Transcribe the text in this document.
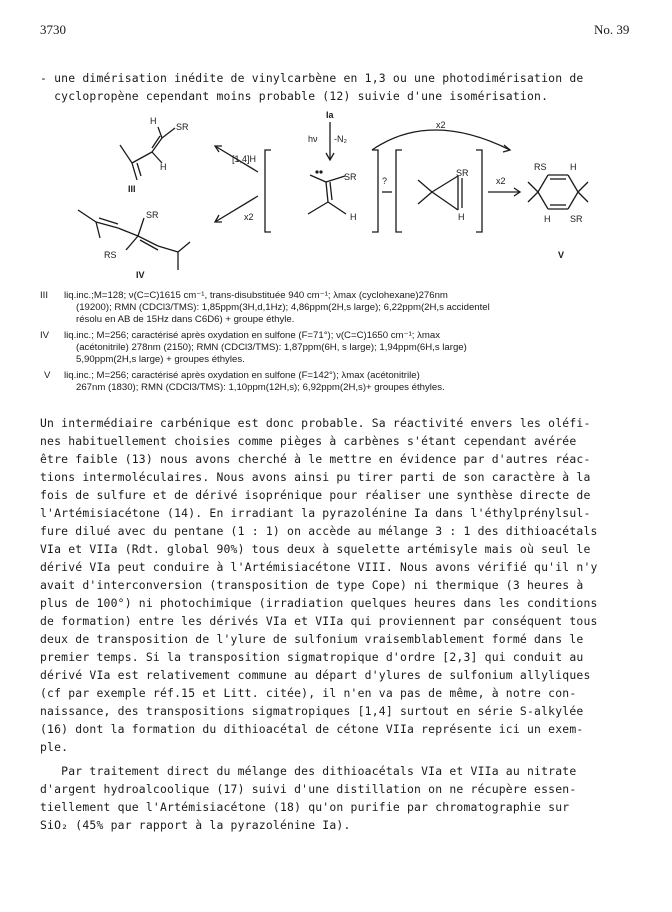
3730	No. 39
- une dimérisation inédite de vinylcarbène en 1,3 ou une photodimérisation de
cyclopropène cependant moins probable (12) suivie d'une isomérisation.
H
SR
H
III
SR
RS
IV
[1,4]H
x2
Ia
hν -N₂
SR
H
?
SR
H
x2
x2
RS	H
H SR
V
III liq.inc.;M=128; ν(C=C)1615 cm⁻¹, trans-disubstituée 940 cm⁻¹; λmax (cyclohexane)276nm
(19200); RMN (CDCl3/TMS): 1,85ppm(3H,d,1Hz); 4,86ppm(2H,s large); 6,22ppm(2H,s accidentel
résolu en AB de 15Hz dans C6D6) + groupe éthyle.
IV liq.inc.; M=256; caractérisé après oxydation en sulfone (F=71°); ν(C=C)1650 cm⁻¹; λmax
(acétonitrile) 278nm (2150); RMN (CDCl3/TMS): 1,87ppm(6H, s large); 1,94ppm(6H,s large)
5,90ppm(2H,s large) + groupes éthyles.
V liq.inc.; M=256; caractérisé après oxydation en sulfone (F=142°); λmax (acétonitrile)
267nm (1830); RMN (CDCl3/TMS): 1,10ppm(12H,s); 6,92ppm(2H,s)+ groupes éthyles.
Un intermédiaire carbénique est donc probable. Sa réactivité envers les oléfi-
nes habituellement choisies comme pièges à carbènes s'étant cependant avérée
être faible (13) nous avons cherché à le mettre en évidence par d'autres réac-
tions intermoléculaires. Nous avons ainsi pu tirer parti de son caractère à la
fois de sulfure et de dérivé isoprénique pour réaliser une synthèse directe de
l'Artémisiacétone (14). En irradiant la pyrazolénine Ia dans l'éthylprénylsul-
fure dilué avec du pentane (1 : 1) on accède au mélange 3 : 1 des dithioacétals
VIa et VIIa (Rdt. global 90%) tous deux à squelette artémisyle mais où seul le
dérivé VIa peut conduire à l'Artémisiacétone VIII. Nous avons vérifié qu'il n'y
avait d'interconversion (transposition de type Cope) ni thermique (3 heures à
plus de 100°) ni photochimique (irradiation quelques heures dans les conditions
de formation) entre les dérivés VIa et VIIa qui proviennent par conséquent tous
deux de transposition de l'ylure de sulfonium vraisemblablement formé dans le
premier temps. Si la transposition sigmatropique d'ordre [2,3] qui conduit au
dérivé VIa est relativement commune au départ d'ylures de sulfonium allyliques
(cf par exemple réf.15 et Litt. citée), il n'en va pas de même, à notre con-
naissance, des transpositions sigmatropiques [1,4] surtout en série S-alkylée
(16) dont la formation du dithioacétal de cétone VIIa représente ici un exem-
ple.
Par traitement direct du mélange des dithioacétals VIa et VIIa au nitrate
d'argent hydroalcoolique (17) suivi d'une distillation on ne récupère essen-
tiellement que l'Artémisiacétone (18) qu'on purifie par chromatographie sur
SiO₂ (45% par rapport à la pyrazolénine Ia).
